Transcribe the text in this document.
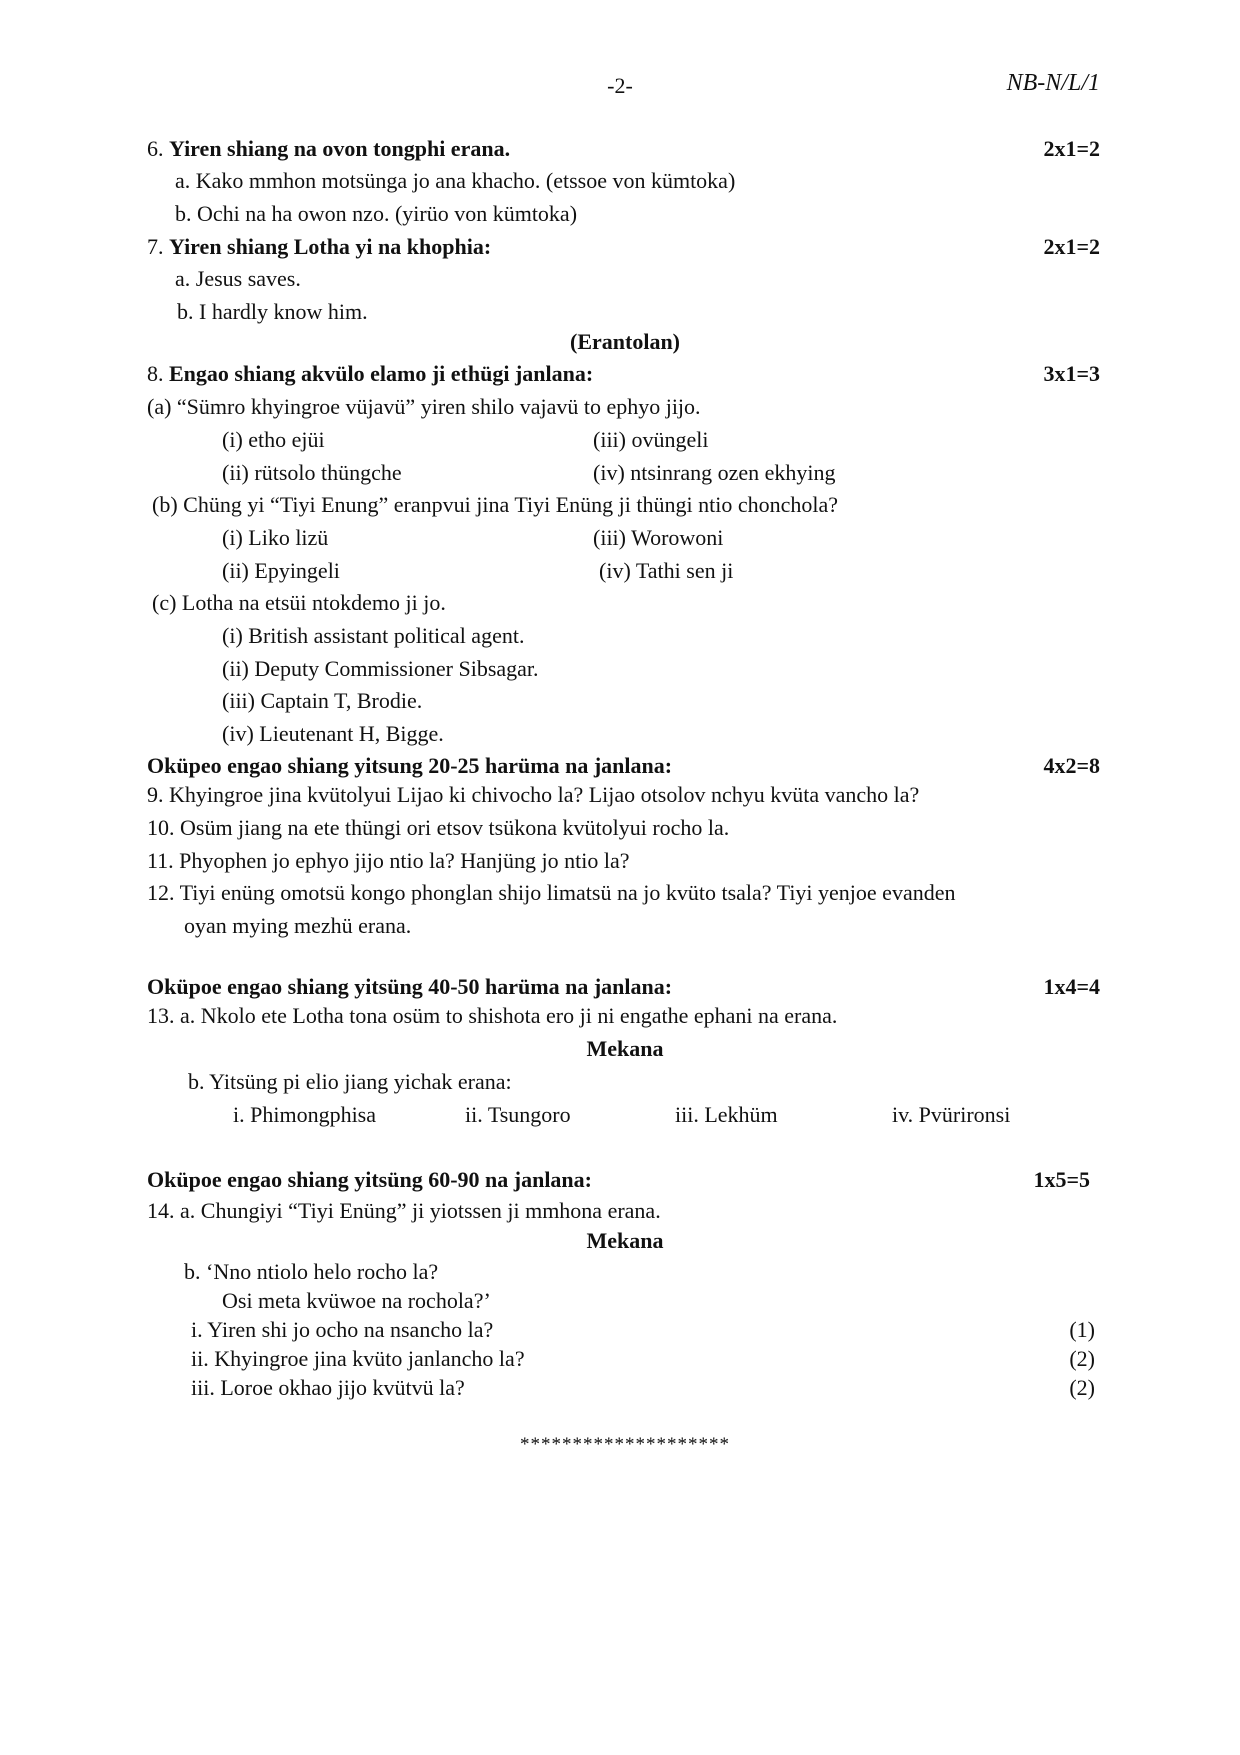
-2-	NB-N/L/1
6. Yiren shiang na ovon tongphi erana.	2x1=2
a. Kako mmhon motsünga jo ana khacho. (etssoe von kümtoka)
b. Ochi na ha owon nzo. (yirüo von kümtoka)
7. Yiren shiang Lotha yi na khophia:	2x1=2
a. Jesus saves.
b. I hardly know him.
(Erantolan)
8. Engao shiang akvülo elamo ji ethügi janlana:	3x1=3
(a) “Sümro khyingroe vüjavü” yiren shilo vajavü to ephyo jijo.
(i) etho ejüi	(iii) ovüngeli
(ii) rütsolo thüngche	(iv) ntsinrang ozen ekhying
(b) Chüng yi “Tiyi Enung” eranpvui jina Tiyi Enüng ji thüngi ntio chonchola?
(i) Liko lizü	(iii) Worowoni
(ii) Epyingeli	(iv) Tathi sen ji
(c) Lotha na etsüi ntokdemo ji jo.
(i) British assistant political agent.
(ii) Deputy Commissioner Sibsagar.
(iii) Captain T, Brodie.
(iv) Lieutenant H, Bigge.
Oküpeo engao shiang yitsung 20-25 harüma na janlana:	4x2=8
9. Khyingroe jina kvütolyui Lijao ki chivocho la? Lijao otsolov nchyu kvüta vancho la?
10. Osüm jiang na ete thüngi ori etsov tsükona kvütolyui rocho la.
11. Phyophen jo ephyo jijo ntio la? Hanjüng jo ntio la?
12. Tiyi enüng omotsü kongo phonglan shijo limatsü na jo kvüto tsala? Tiyi yenjoe evanden
oyan mying mezhü erana.
Oküpoe engao shiang yitsüng 40-50 harüma na janlana:	1x4=4
13. a. Nkolo ete Lotha tona osüm to shishota ero ji ni engathe ephani na erana.
Mekana
b. Yitsüng pi elio jiang yichak erana:
i. Phimongphisa	ii. Tsungoro	iii. Lekhüm	iv. Pvürironsi
Oküpoe engao shiang yitsüng 60-90 na janlana:	1x5=5
14. a. Chungiyi “Tiyi Enüng” ji yiotssen ji mmhona erana.
Mekana
b. ‘Nno ntiolo helo rocho la?
Osi meta kvüwoe na rochola?’
i. Yiren shi jo ocho na nsancho la?	(1)
ii. Khyingroe jina kvüto janlancho la?	(2)
iii. Loroe okhao jijo kvütvü la?	(2)
********************
